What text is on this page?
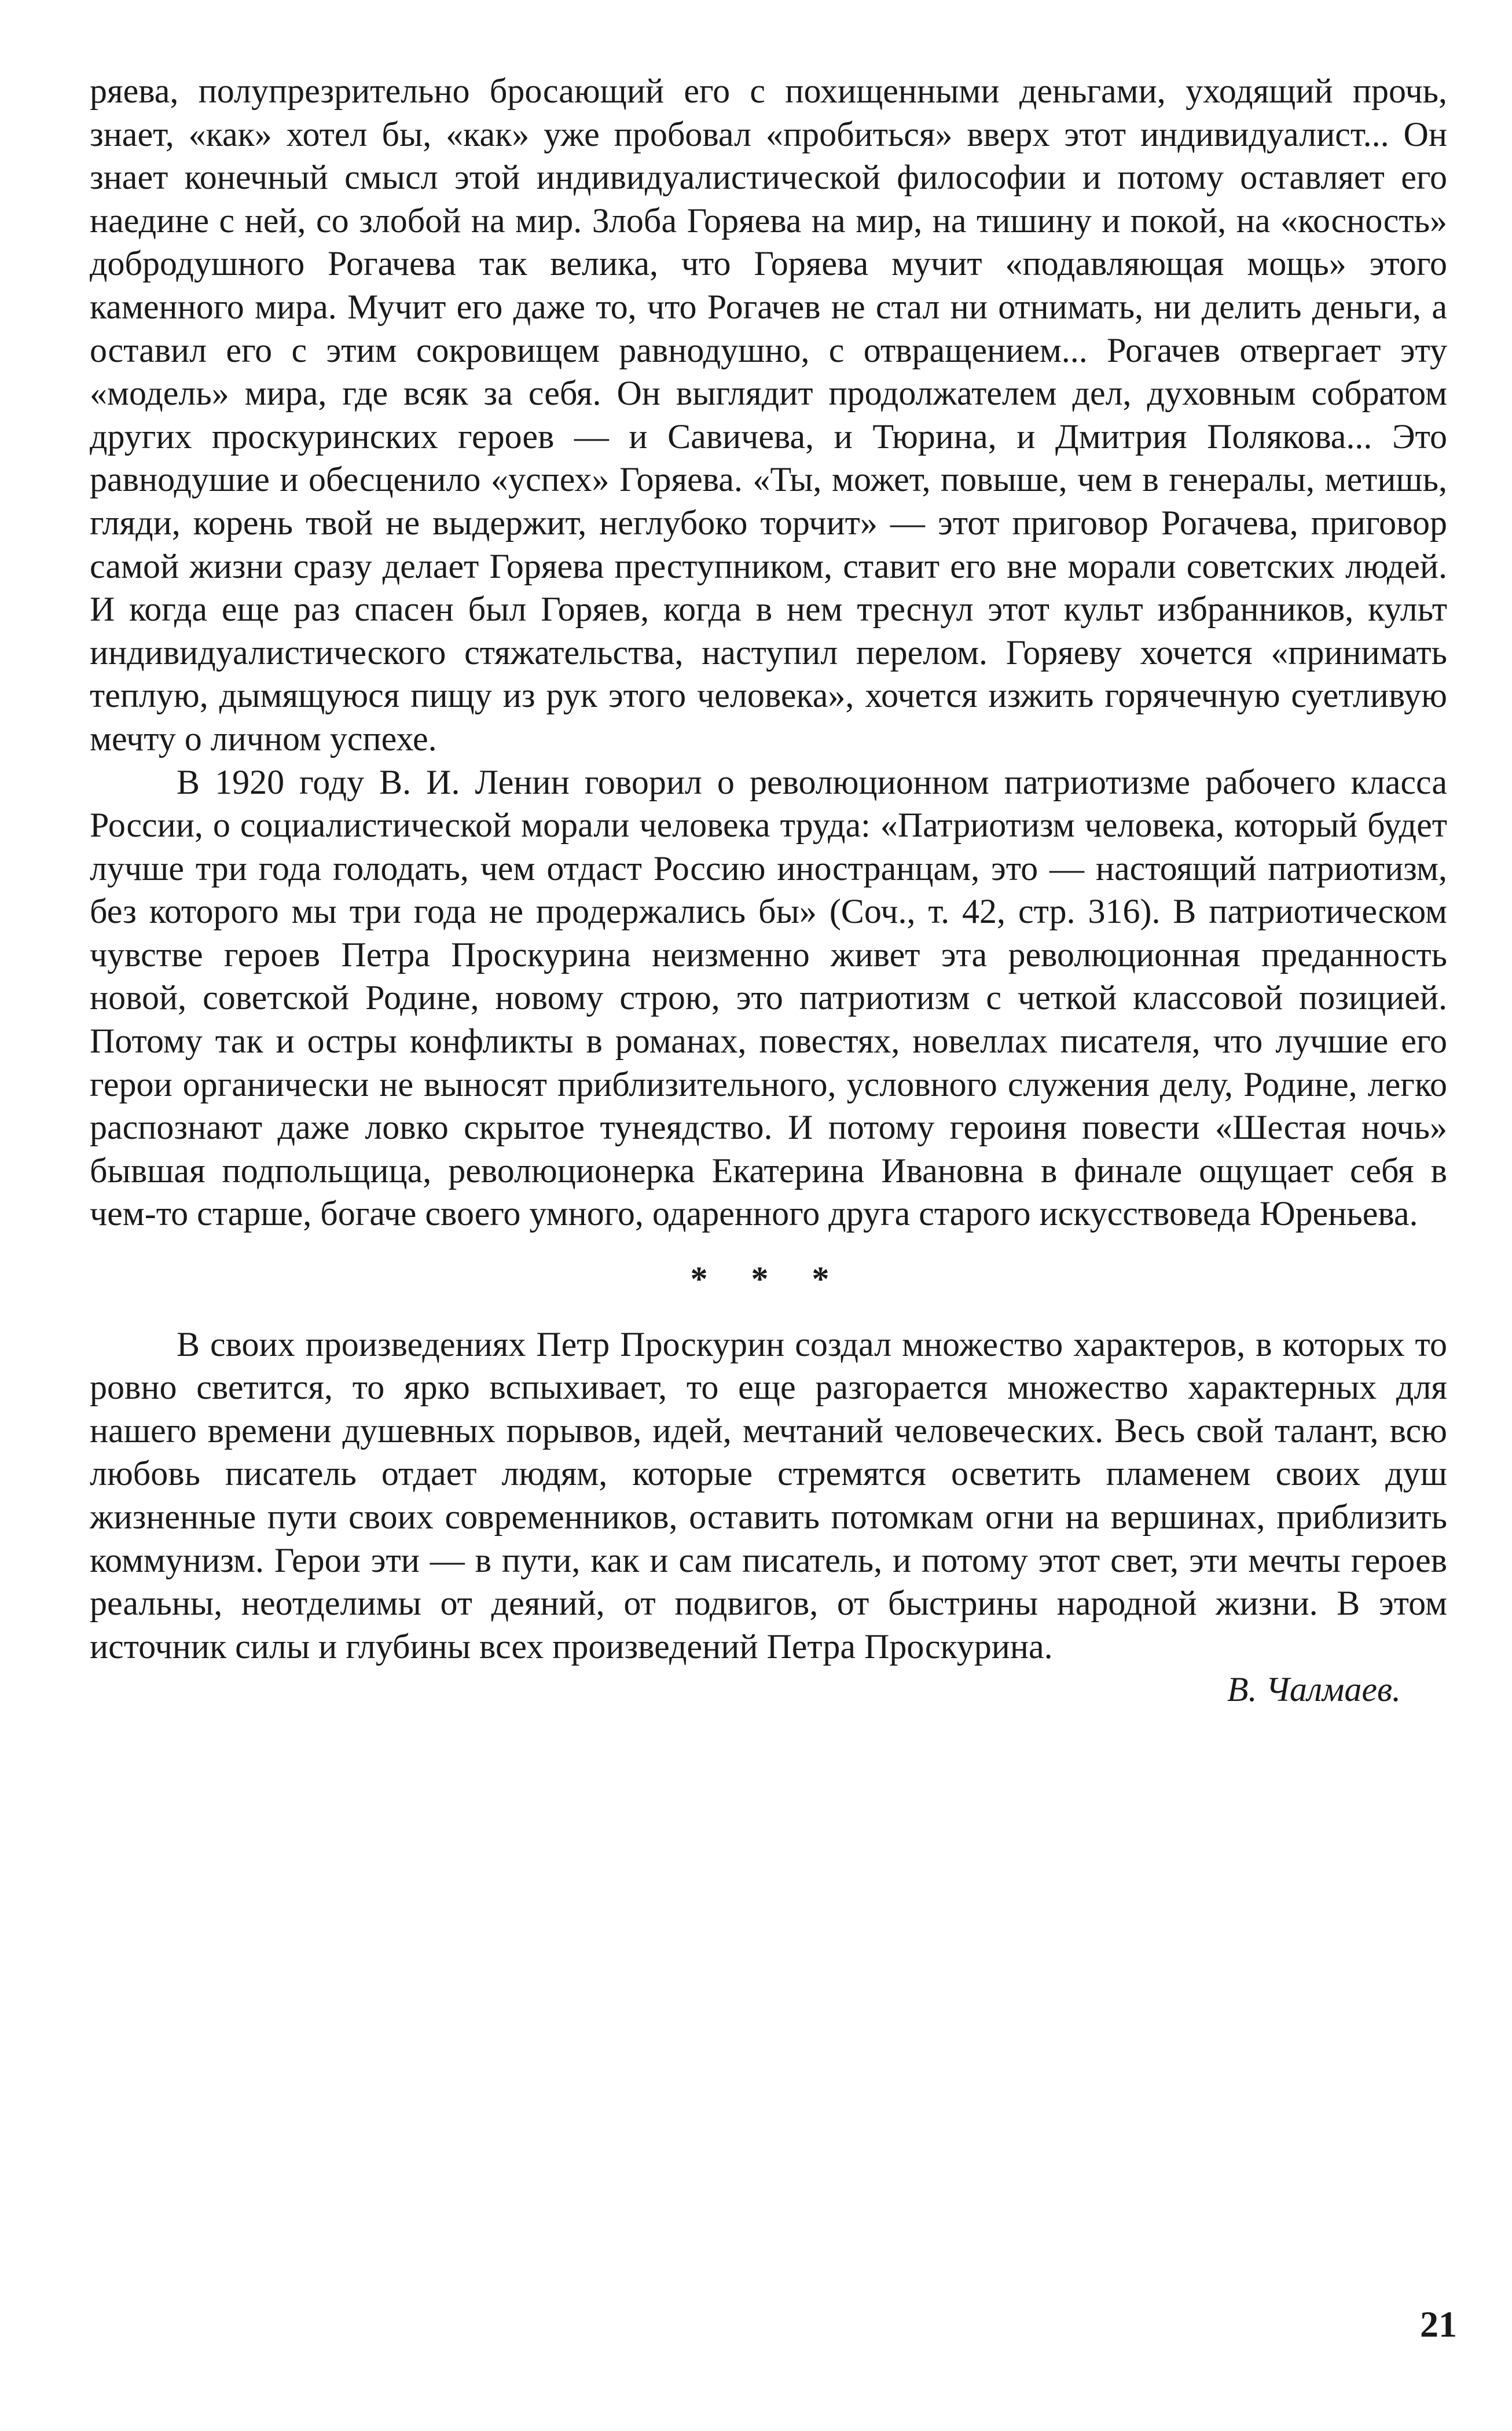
ряева, полупрезрительно бросающий его с похищенными деньгами, уходящий прочь, знает, «как» хотел бы, «как» уже пробовал «пробиться» вверх этот индивидуалист... Он знает конечный смысл этой индивидуалистической философии и потому оставляет его наедине с ней, со злобой на мир. Злоба Горяева на мир, на тишину и покой, на «косность» добродушного Рогачева так велика, что Горяева мучит «подавляющая мощь» этого каменного мира. Мучит его даже то, что Рогачев не стал ни отнимать, ни делить деньги, а оставил его с этим сокровищем равнодушно, с отвращением... Рогачев отвергает эту «модель» мира, где всяк за себя. Он выглядит продолжателем дел, духовным собратом других проскуринских героев — и Савичева, и Тюрина, и Дмитрия Полякова... Это равнодушие и обесценило «успех» Горяева. «Ты, может, повыше, чем в генералы, метишь, гляди, корень твой не выдержит, неглубоко торчит» — этот приговор Рогачева, приговор самой жизни сразу делает Горяева преступником, ставит его вне морали советских людей. И когда еще раз спасен был Горяев, когда в нем треснул этот культ избранников, культ индивидуалистического стяжательства, наступил перелом. Горяеву хочется «принимать теплую, дымящуюся пищу из рук этого человека», хочется изжить горячечную суетливую мечту о личном успехе.

В 1920 году В. И. Ленин говорил о революционном патриотизме рабочего класса России, о социалистической морали человека труда: «Патриотизм человека, который будет лучше три года голодать, чем отдаст Россию иностранцам, это — настоящий патриотизм, без которого мы три года не продержались бы» (Соч., т. 42, стр. 316). В патриотическом чувстве героев Петра Проскурина неизменно живет эта революционная преданность новой, советской Родине, новому строю, это патриотизм с четкой классовой позицией. Потому так и остры конфликты в романах, повестях, новеллах писателя, что лучшие его герои органически не выносят приблизительного, условного служения делу, Родине, легко распознают даже ловко скрытое тунеядство. И потому героиня повести «Шестая ночь» бывшая подпольщица, революционерка Екатерина Ивановна в финале ощущает себя в чем-то старше, богаче своего умного, одаренного друга старого искусствоведа Юреньева.

* * *

В своих произведениях Петр Проскурин создал множество характеров, в которых то ровно светится, то ярко вспыхивает, то еще разгорается множество характерных для нашего времени душевных порывов, идей, мечтаний человеческих. Весь свой талант, всю любовь писатель отдает людям, которые стремятся осветить пламенем своих душ жизненные пути своих современников, оставить потомкам огни на вершинах, приблизить коммунизм. Герои эти — в пути, как и сам писатель, и потому этот свет, эти мечты героев реальны, неотделимы от деяний, от подвигов, от быстрины народной жизни. В этом источник силы и глубины всех произведений Петра Проскурина.

В. Чалмаев.

21
